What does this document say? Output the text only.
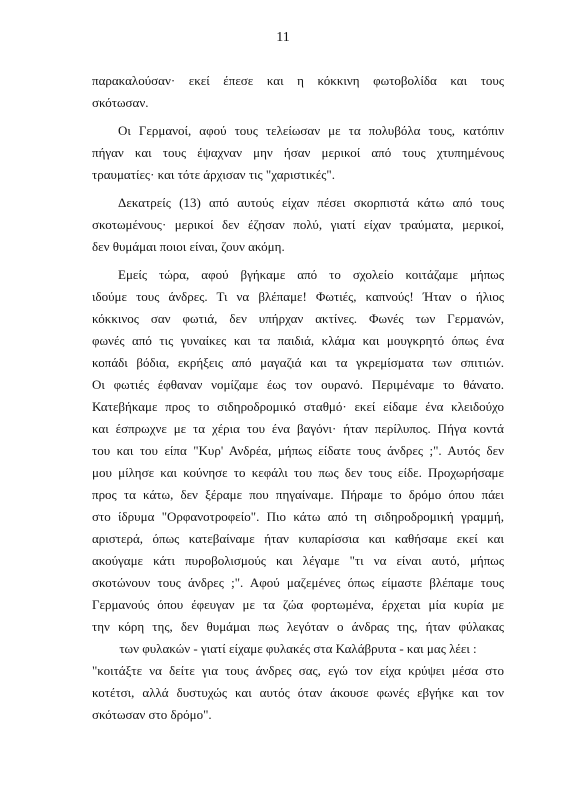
11
παρακαλούσαν· εκεί έπεσε και η κόκκινη φωτοβολίδα και τους
σκότωσαν.
Οι Γερμανοί, αφού τους τελείωσαν με τα πολυβόλα τους, κατόπιν
πήγαν και τους έψαχναν μην ήσαν μερικοί από τους χτυπημένους
τραυματίες· και τότε άρχισαν τις "χαριστικές".
Δεκατρείς (13) από αυτούς είχαν πέσει σκορπιστά κάτω από τους
σκοτωμένους· μερικοί δεν έζησαν πολύ, γιατί είχαν τραύματα, μερικοί,
δεν θυμάμαι ποιοι είναι, ζουν ακόμη.
Εμείς τώρα, αφού βγήκαμε από το σχολείο κοιτάζαμε μήπως
ιδούμε τους άνδρες. Τι να βλέπαμε! Φωτιές, καπνούς! Ήταν ο ήλιος
κόκκινος σαν φωτιά, δεν υπήρχαν ακτίνες. Φωνές των Γερμανών,
φωνές από τις γυναίκες και τα παιδιά, κλάμα και μουγκρητό όπως ένα
κοπάδι βόδια, εκρήξεις από μαγαζιά και τα γκρεμίσματα των σπιτιών.
Οι φωτιές έφθαναν νομίζαμε έως τον ουρανό. Περιμέναμε το θάνατο.
Κατεβήκαμε προς το σιδηροδρομικό σταθμό· εκεί είδαμε ένα κλειδούχο
και έσπρωχνε με τα χέρια του ένα βαγόνι· ήταν περίλυπος. Πήγα κοντά
του και του είπα "Κυρ' Ανδρέα, μήπως είδατε τους άνδρες ;". Αυτός δεν
μου μίλησε και κούνησε το κεφάλι του πως δεν τους είδε. Προχωρήσαμε
προς τα κάτω, δεν ξέραμε που πηγαίναμε. Πήραμε το δρόμο όπου πάει
στο ίδρυμα "Ορφανοτροφείο". Πιο κάτω από τη σιδηροδρομική γραμμή,
αριστερά, όπως κατεβαίναμε ήταν κυπαρίσσια και καθήσαμε εκεί και
ακούγαμε κάτι πυροβολισμούς και λέγαμε "τι να είναι αυτό, μήπως
σκοτώνουν τους άνδρες ;". Αφού μαζεμένες όπως είμαστε βλέπαμε τους
Γερμανούς όπου έφευγαν με τα ζώα φορτωμένα, έρχεται μία κυρία με
την κόρη της, δεν θυμάμαι πως λεγόταν ο άνδρας της, ήταν φύλακας
των φυλακών - γιατί είχαμε φυλακές στα Καλάβρυτα - και μας λέει :
"κοιτάξτε να δείτε για τους άνδρες σας, εγώ τον είχα κρύψει μέσα στο
κοτέτσι, αλλά δυστυχώς και αυτός όταν άκουσε φωνές εβγήκε και τον
σκότωσαν στο δρόμο".
